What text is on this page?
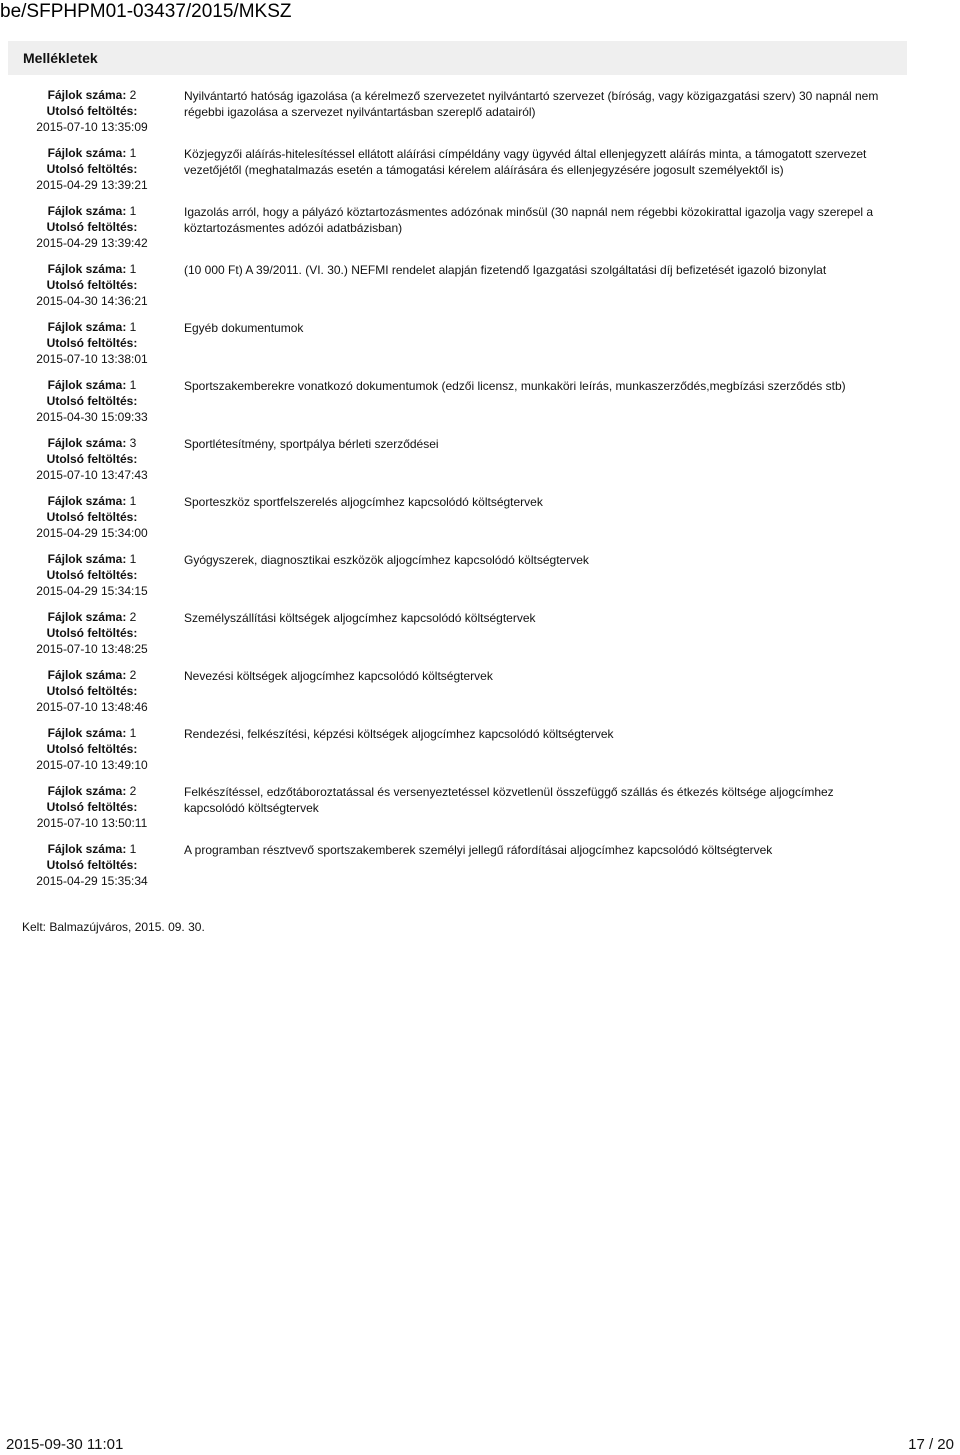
be/SFPHPM01-03437/2015/MKSZ
Mellékletek
Fájlok száma: 2
Utolsó feltöltés:
2015-07-10 13:35:09
Nyilvántartó hatóság igazolása (a kérelmező szervezetet nyilvántartó szervezet (bíróság, vagy közigazgatási szerv) 30 napnál nem régebbi igazolása a szervezet nyilvántartásban szereplő adatairól)
Fájlok száma: 1
Utolsó feltöltés:
2015-04-29 13:39:21
Közjegyzői aláírás-hitelesítéssel ellátott aláírási címpéldány vagy ügyvéd által ellenjegyzett aláírás minta, a támogatott szervezet vezetőjétől (meghatalmazás esetén a támogatási kérelem aláírására és ellenjegyzésére jogosult személyektől is)
Fájlok száma: 1
Utolsó feltöltés:
2015-04-29 13:39:42
Igazolás arról, hogy a pályázó köztartozásmentes adózónak minősül (30 napnál nem régebbi közokirattal igazolja vagy szerepel a köztartozásmentes adózói adatbázisban)
Fájlok száma: 1
Utolsó feltöltés:
2015-04-30 14:36:21
(10 000 Ft) A 39/2011. (VI. 30.) NEFMI rendelet alapján fizetendő Igazgatási szolgáltatási díj befizetését igazoló bizonylat
Fájlok száma: 1
Utolsó feltöltés:
2015-07-10 13:38:01
Egyéb dokumentumok
Fájlok száma: 1
Utolsó feltöltés:
2015-04-30 15:09:33
Sportszakemberekre vonatkozó dokumentumok (edzői licensz, munkaköri leírás, munkaszerződés,megbízási szerződés stb)
Fájlok száma: 3
Utolsó feltöltés:
2015-07-10 13:47:43
Sportlétesítmény, sportpálya bérleti szerződései
Fájlok száma: 1
Utolsó feltöltés:
2015-04-29 15:34:00
Sporteszköz sportfelszerelés aljogcímhez kapcsolódó költségtervek
Fájlok száma: 1
Utolsó feltöltés:
2015-04-29 15:34:15
Gyógyszerek, diagnosztikai eszközök aljogcímhez kapcsolódó költségtervek
Fájlok száma: 2
Utolsó feltöltés:
2015-07-10 13:48:25
Személyszállítási költségek aljogcímhez kapcsolódó költségtervek
Fájlok száma: 2
Utolsó feltöltés:
2015-07-10 13:48:46
Nevezési költségek aljogcímhez kapcsolódó költségtervek
Fájlok száma: 1
Utolsó feltöltés:
2015-07-10 13:49:10
Rendezési, felkészítési, képzési költségek aljogcímhez kapcsolódó költségtervek
Fájlok száma: 2
Utolsó feltöltés:
2015-07-10 13:50:11
Felkészítéssel, edzőtáboroztatással és versenyeztetéssel közvetlenül összefüggő szállás és étkezés költsége aljogcímhez kapcsolódó költségtervek
Fájlok száma: 1
Utolsó feltöltés:
2015-04-29 15:35:34
A programban résztvevő sportszakemberek személyi jellegű ráfordításai aljogcímhez kapcsolódó költségtervek
Kelt: Balmazújváros, 2015. 09. 30.
2015-09-30 11:01	17 / 20
